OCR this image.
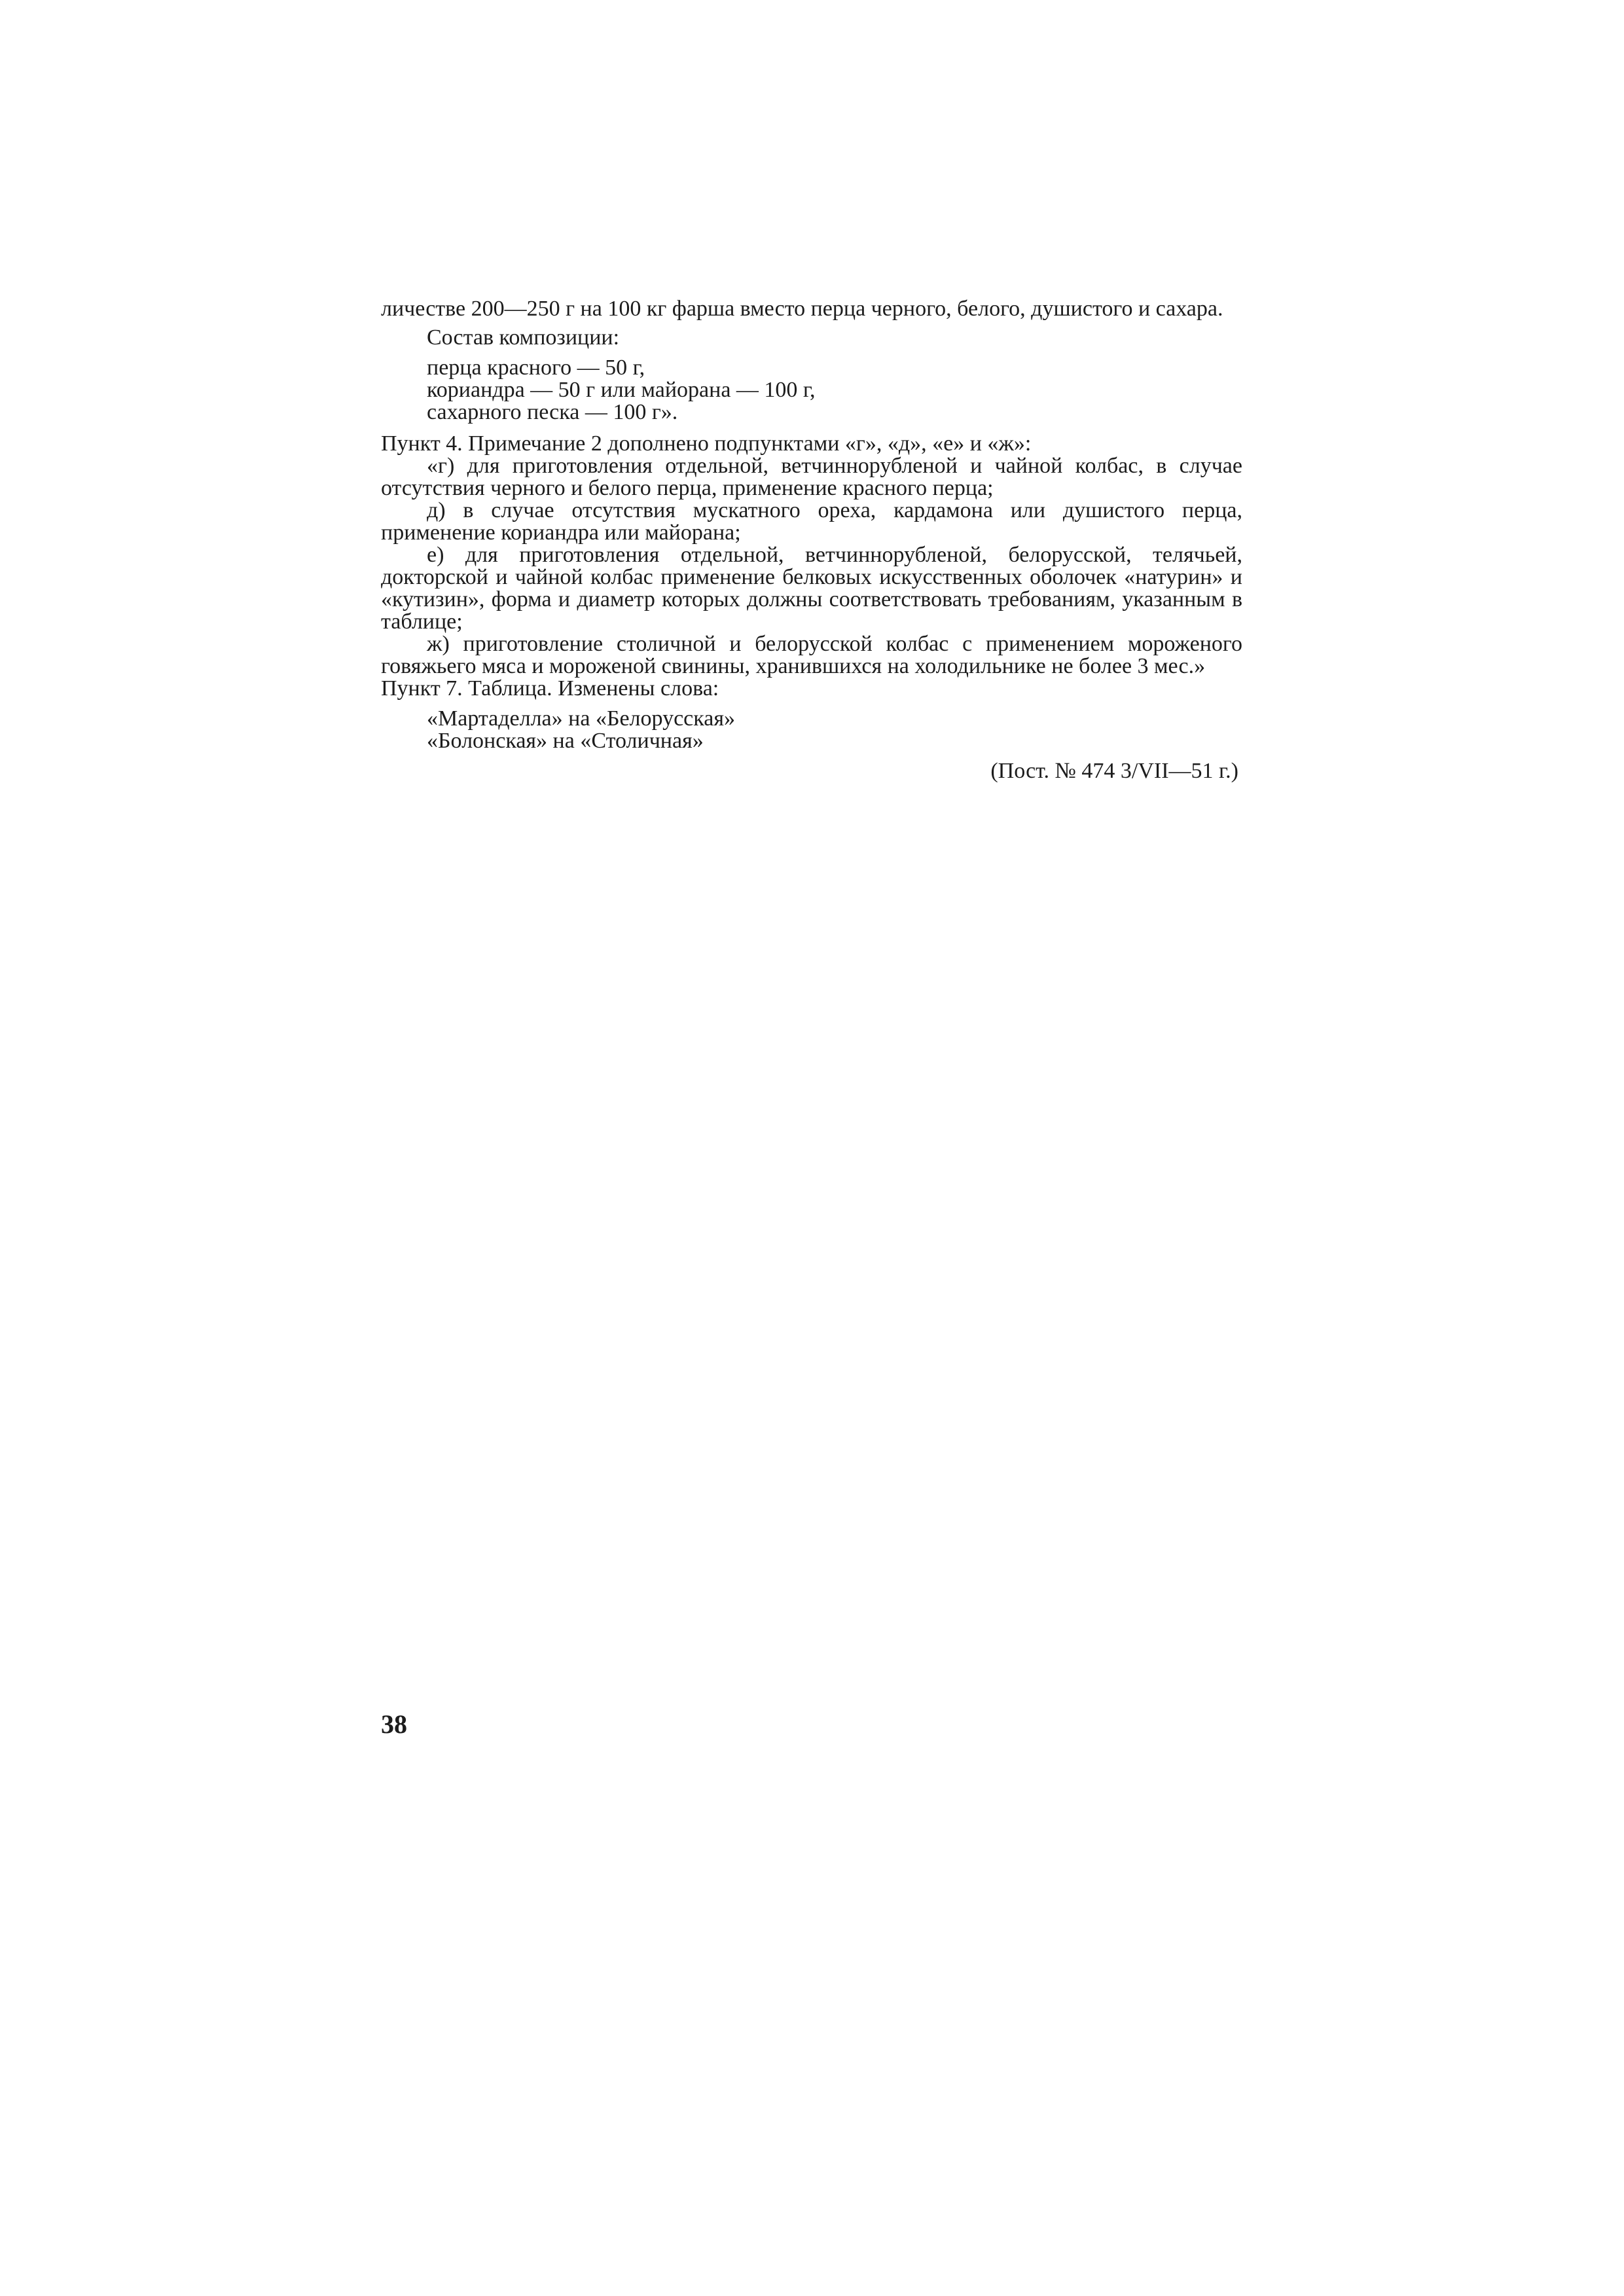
личестве 200—250 г на 100 кг фарша вместо перца черного, белого, душистого и сахара.

Состав композиции:
перца красного — 50 г,
кориандра — 50 г или майорана — 100 г,
сахарного песка — 100 г».
Пункт 4. Примечание 2 дополнено подпунктами «г», «д», «е» и «ж»:

«г) для приготовления отдельной, ветчиннорубленой и чайной колбас, в случае отсутствия черного и белого перца, применение красного перца;

д) в случае отсутствия мускатного ореха, кардамона или душистого перца, применение кориандра или майорана;

е) для приготовления отдельной, ветчиннорубленой, белорусской, телячьей, докторской и чайной колбас применение белковых искусственных оболочек «натурин» и «кутизин», форма и диаметр которых должны соответствовать требованиям, указанным в таблице;

ж) приготовление столичной и белорусской колбас с применением мороженого говяжьего мяса и мороженой свинины, хранившихся на холодильнике не более 3 мес.»

Пункт 7. Таблица. Изменены слова:
«Мартаделла» на «Белорусская»
«Болонская» на «Столичная»
(Пост. № 474 3/VII—51 г.)
38
